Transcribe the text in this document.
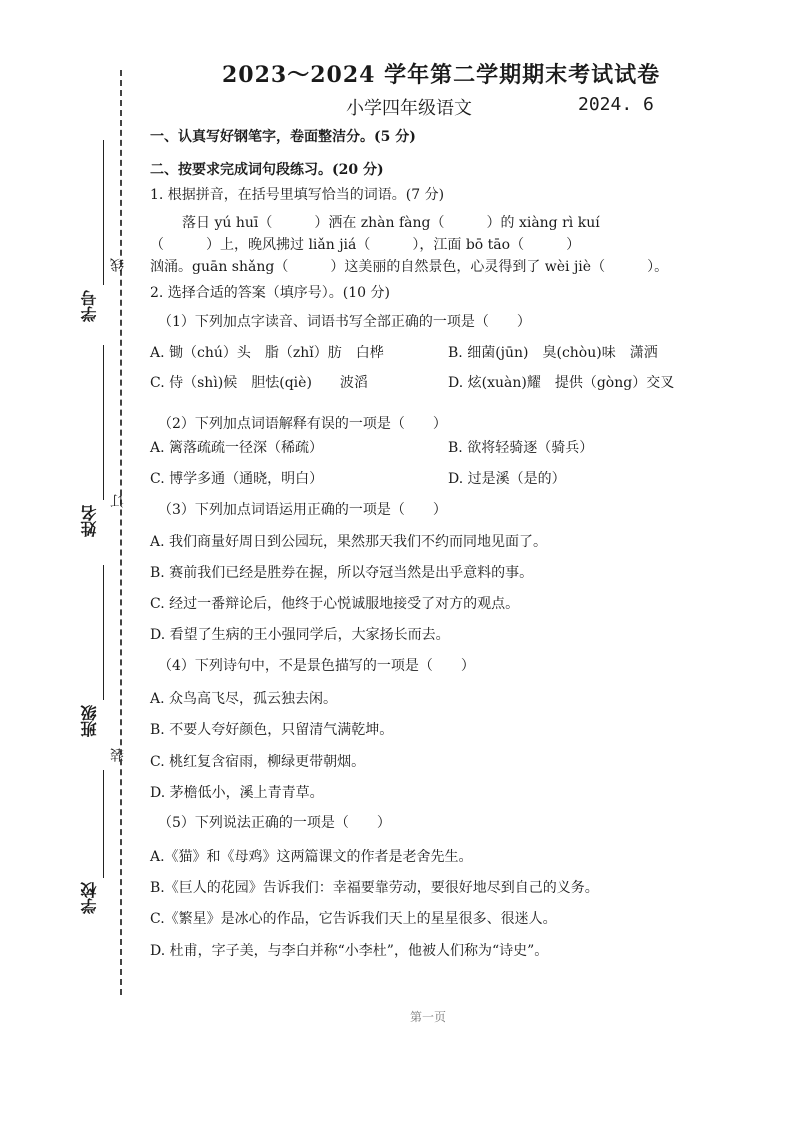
学号
线
姓名
订
班级
装
学校
2023～2024 学年第二学期期末考试试卷
小学四年级语文	2024. 6
一、认真写好钢笔字，卷面整洁分。(5 分)
二、按要求完成词句段练习。(20 分)
1. 根据拼音，在括号里填写恰当的词语。(7 分)
落日 yú huī（　　　）洒在 zhàn fàng（　　　）的 xiàng rì kuí
（　　　）上，晚风拂过 liǎn jiá（　　　），江面 bō tāo（　　　）
汹涌。guān shǎng（　　　）这美丽的自然景色，心灵得到了 wèi jiè（　　　）。
2. 选择合适的答案（填序号）。(10 分)
（1）下列加点字读音、词语书写全部正确的一项是（　　）
A. 锄（chú）头　脂（zhǐ）肪　白桦	B. 细菌(jūn)　臭(chòu)味　潇洒
C. 侍（shì)候　胆怯(qiè)　　波滔	D. 炫(xuàn)耀　提供（gòng）交叉
（2）下列加点词语解释有误的一项是（　　）
A. 篱落疏疏一径深（稀疏）	B. 欲将轻骑逐（骑兵）
C. 博学多通（通晓，明白）	D. 过是溪（是的）
（3）下列加点词语运用正确的一项是（　　）
A. 我们商量好周日到公园玩，果然那天我们不约而同地见面了。
B. 赛前我们已经是胜券在握，所以夺冠当然是出乎意料的事。
C. 经过一番辩论后，他终于心悦诚服地接受了对方的观点。
D. 看望了生病的王小强同学后，大家扬长而去。
（4）下列诗句中，不是景色描写的一项是（　　）
A. 众鸟高飞尽，孤云独去闲。
B. 不要人夸好颜色，只留清气满乾坤。
C. 桃红复含宿雨，柳绿更带朝烟。
D. 茅檐低小，溪上青青草。
（5）下列说法正确的一项是（　　）
A.《猫》和《母鸡》这两篇课文的作者是老舍先生。
B.《巨人的花园》告诉我们：幸福要靠劳动，要很好地尽到自己的义务。
C.《繁星》是冰心的作品，它告诉我们天上的星星很多、很迷人。
D. 杜甫，字子美，与李白并称“小李杜”，他被人们称为“诗史”。
第一页
